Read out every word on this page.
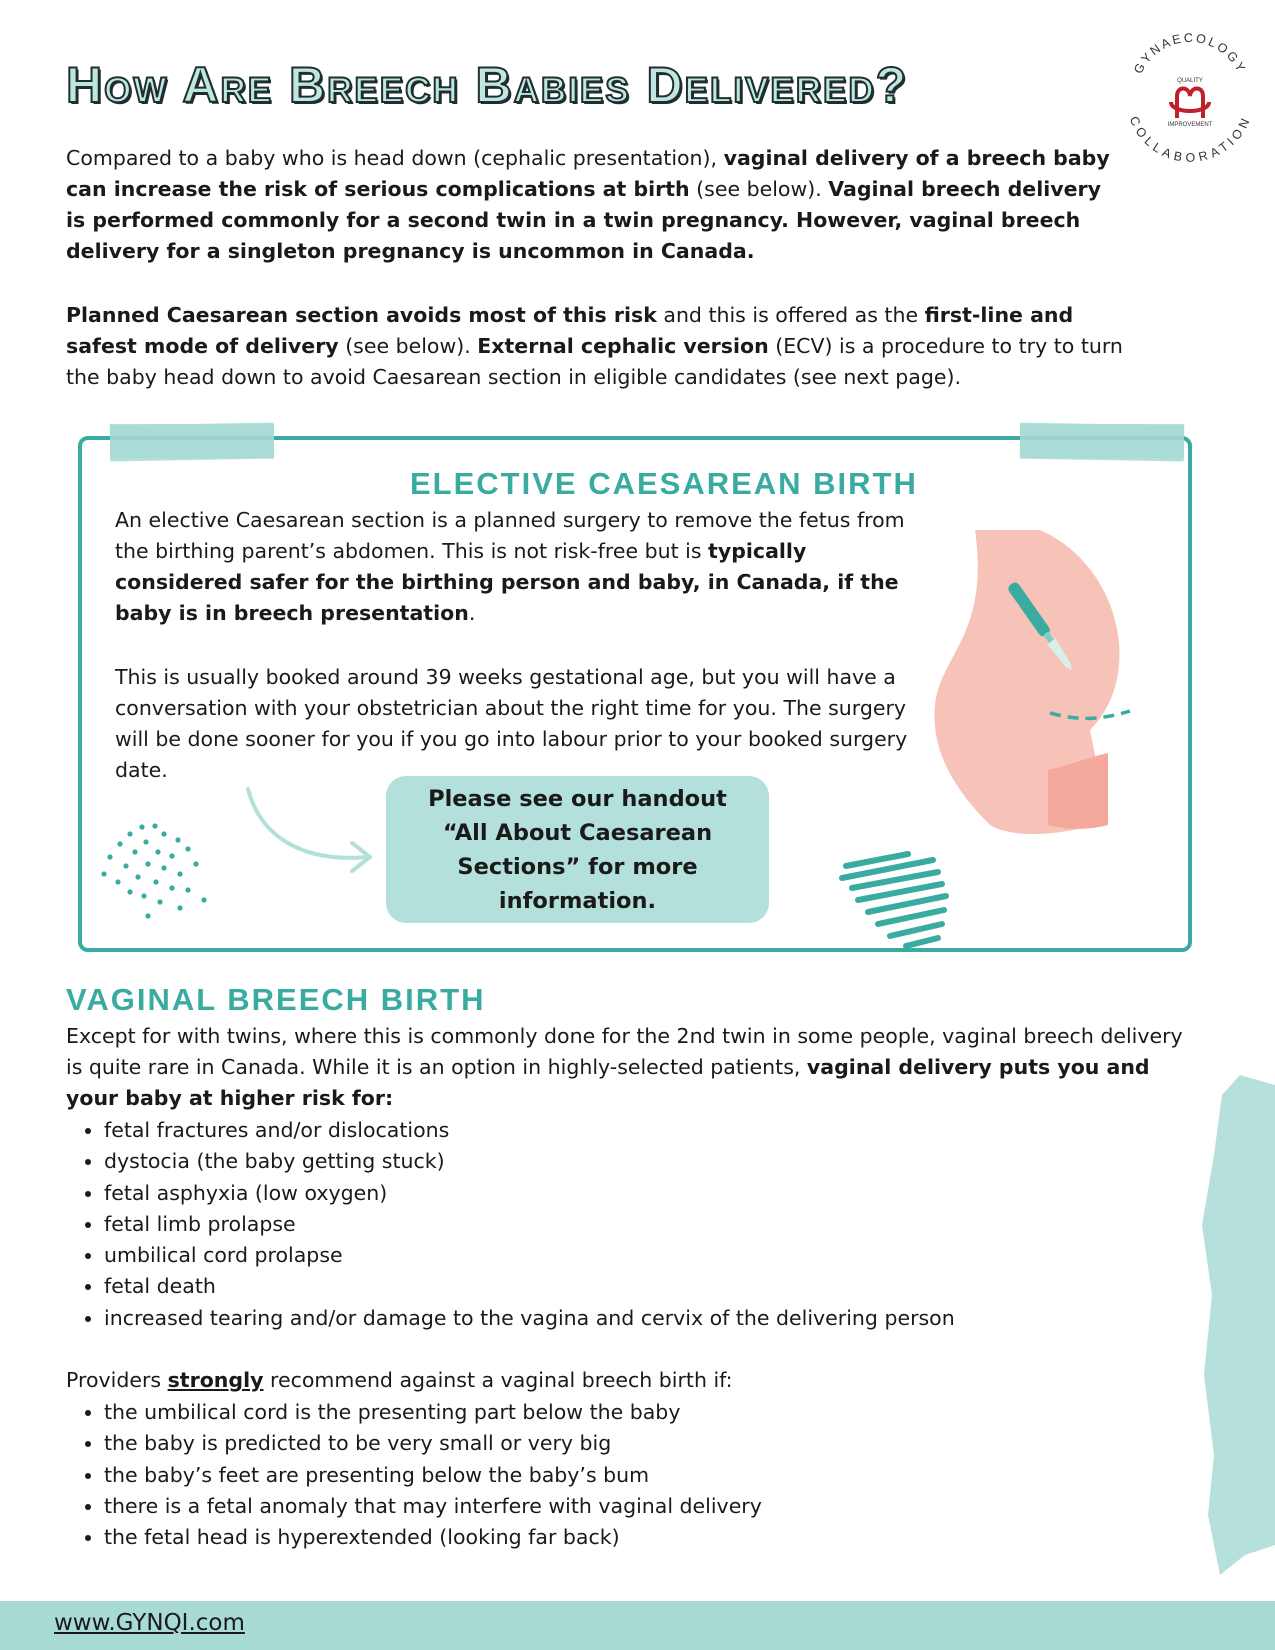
How Are Breech Babies Delivered?	GYNAECOLOGY
COLLABORATION
QUALITY
IMPROVEMENT

Compared to a baby who is head down (cephalic presentation), vaginal delivery of a breech baby can increase the risk of serious complications at birth (see below). Vaginal breech delivery is performed commonly for a second twin in a twin pregnancy. However, vaginal breech delivery for a singleton pregnancy is uncommon in Canada.

Planned Caesarean section avoids most of this risk and this is offered as the first-line and safest mode of delivery (see below). External cephalic version (ECV) is a procedure to try to turn the baby head down to avoid Caesarean section in eligible candidates (see next page).

ELECTIVE CAESAREAN BIRTH

An elective Caesarean section is a planned surgery to remove the fetus from the birthing parent’s abdomen. This is not risk-free but is typically considered safer for the birthing person and baby, in Canada, if the baby is in breech presentation.

This is usually booked around 39 weeks gestational age, but you will have a conversation with your obstetrician about the right time for you. The surgery will be done sooner for you if you go into labour prior to your booked surgery date.

Please see our handout “All About Caesarean Sections” for more information.
VAGINAL BREECH BIRTH

Except for with twins, where this is commonly done for the 2nd twin in some people, vaginal breech delivery is quite rare in Canada. While it is an option in highly-selected patients, vaginal delivery puts you and your baby at higher risk for:

• fetal fractures and/or dislocations
• dystocia (the baby getting stuck)
• fetal asphyxia (low oxygen)
• fetal limb prolapse
• umbilical cord prolapse
• fetal death
• increased tearing and/or damage to the vagina and cervix of the delivering person

Providers strongly recommend against a vaginal breech birth if:

• the umbilical cord is the presenting part below the baby
• the baby is predicted to be very small or very big
• the baby’s feet are presenting below the baby’s bum
• there is a fetal anomaly that may interfere with vaginal delivery
• the fetal head is hyperextended (looking far back)
www.GYNQI.com
